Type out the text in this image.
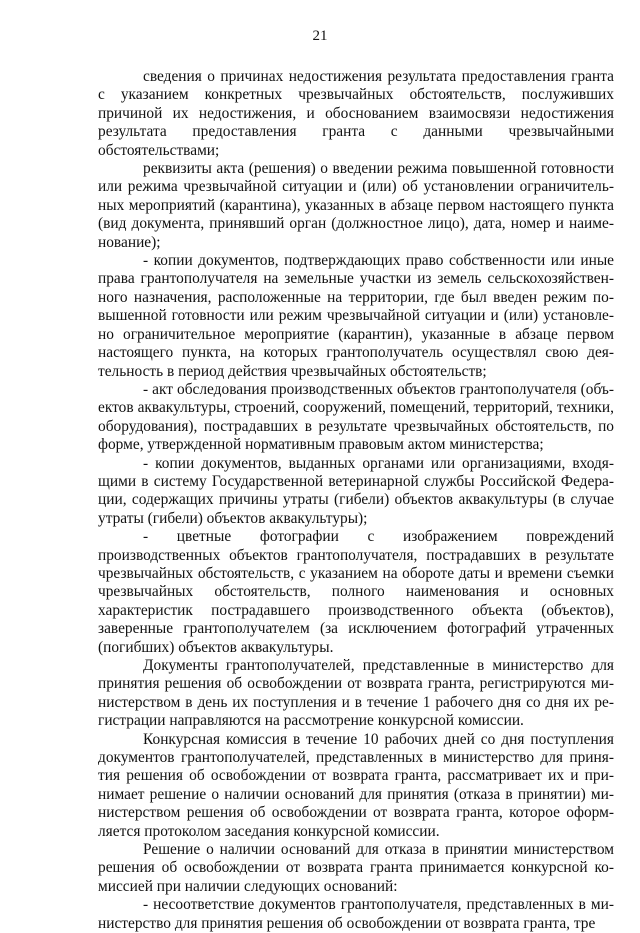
21

сведения о причинах недостижения результата предоставления гранта с указанием конкретных чрезвычайных обстоятельств, послуживших причиной их недостижения, и обоснованием взаимосвязи недостижения результата предоставления гранта с данными чрезвычайными обстоятельствами;

реквизиты акта (решения) о введении режима повышенной готовности или режима чрезвычайной ситуации и (или) об установлении ограничительных мероприятий (карантина), указанных в абзаце первом настоящего пункта (вид документа, принявший орган (должностное лицо), дата, номер и наименование);

- копии документов, подтверждающих право собственности или иные права грантополучателя на земельные участки из земель сельскохозяйственного назначения, расположенные на территории, где был введен режим повышенной готовности или режим чрезвычайной ситуации и (или) установлено ограничительное мероприятие (карантин), указанные в абзаце первом настоящего пункта, на которых грантополучатель осуществлял свою деятельность в период действия чрезвычайных обстоятельств;

- акт обследования производственных объектов грантополучателя (объектов аквакультуры, строений, сооружений, помещений, территорий, техники, оборудования), пострадавших в результате чрезвычайных обстоятельств, по форме, утвержденной нормативным правовым актом министерства;

- копии документов, выданных органами или организациями, входящими в систему Государственной ветеринарной службы Российской Федерации, содержащих причины утраты (гибели) объектов аквакультуры (в случае утраты (гибели) объектов аквакультуры);

- цветные фотографии с изображением повреждений производственных объектов грантополучателя, пострадавших в результате чрезвычайных обстоятельств, с указанием на обороте даты и времени съемки чрезвычайных обстоятельств, полного наименования и основных характеристик пострадавшего производственного объекта (объектов), заверенные грантополучателем (за исключением фотографий утраченных (погибших) объектов аквакультуры.

Документы грантополучателей, представленные в министерство для принятия решения об освобождении от возврата гранта, регистрируются министерством в день их поступления и в течение 1 рабочего дня со дня их регистрации направляются на рассмотрение конкурсной комиссии.

Конкурсная комиссия в течение 10 рабочих дней со дня поступления документов грантополучателей, представленных в министерство для принятия решения об освобождении от возврата гранта, рассматривает их и принимает решение о наличии оснований для принятия (отказа в принятии) министерством решения об освобождении от возврата гранта, которое оформляется протоколом заседания конкурсной комиссии.

Решение о наличии оснований для отказа в принятии министерством решения об освобождении от возврата гранта принимается конкурсной комиссией при наличии следующих оснований:

- несоответствие документов грантополучателя, представленных в министерство для принятия решения об освобождении от возврата гранта, тре
